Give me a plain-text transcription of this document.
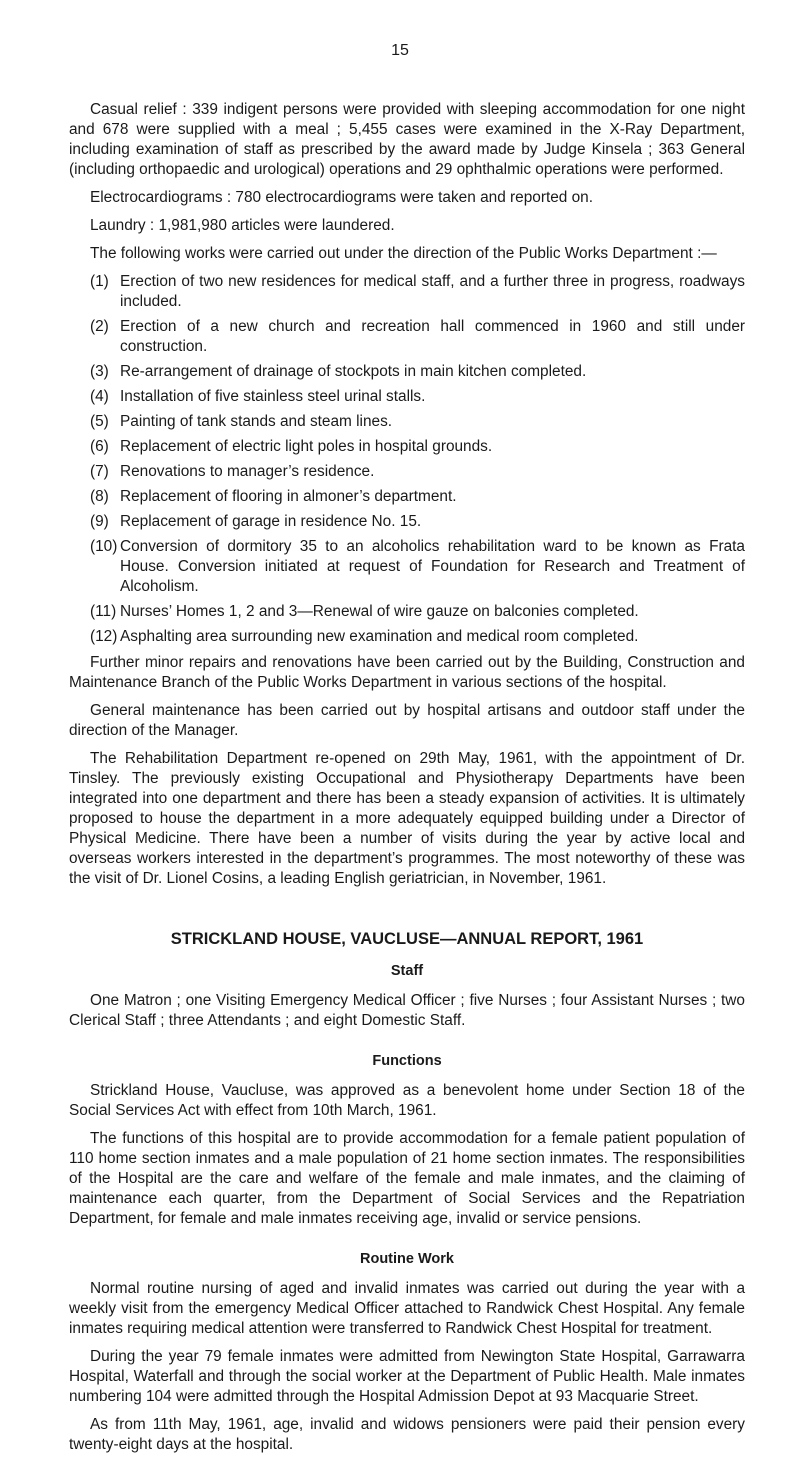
15

Casual relief : 339 indigent persons were provided with sleeping accommodation for one night and 678 were supplied with a meal ; 5,455 cases were examined in the X-Ray Department, including examination of staff as prescribed by the award made by Judge Kinsela ; 363 General (including orthopaedic and urological) operations and 29 ophthalmic operations were performed.

Electrocardiograms : 780 electrocardiograms were taken and reported on.

Laundry : 1,981,980 articles were laundered.

The following works were carried out under the direction of the Public Works Department :—

(1) Erection of two new residences for medical staff, and a further three in progress, roadways included.
(2) Erection of a new church and recreation hall commenced in 1960 and still under construction.
(3) Re-arrangement of drainage of stockpots in main kitchen completed.
(4) Installation of five stainless steel urinal stalls.
(5) Painting of tank stands and steam lines.
(6) Replacement of electric light poles in hospital grounds.
(7) Renovations to manager’s residence.
(8) Replacement of flooring in almoner’s department.
(9) Replacement of garage in residence No. 15.
(10) Conversion of dormitory 35 to an alcoholics rehabilitation ward to be known as Frata House. Conversion initiated at request of Foundation for Research and Treatment of Alcoholism.
(11) Nurses’ Homes 1, 2 and 3—Renewal of wire gauze on balconies completed.
(12) Asphalting area surrounding new examination and medical room completed.

Further minor repairs and renovations have been carried out by the Building, Construction and Maintenance Branch of the Public Works Department in various sections of the hospital.

General maintenance has been carried out by hospital artisans and outdoor staff under the direction of the Manager.

The Rehabilitation Department re-opened on 29th May, 1961, with the appointment of Dr. Tinsley. The previously existing Occupational and Physiotherapy Departments have been integrated into one department and there has been a steady expansion of activities. It is ultimately proposed to house the department in a more adequately equipped building under a Director of Physical Medicine. There have been a number of visits during the year by active local and overseas workers interested in the department’s programmes. The most noteworthy of these was the visit of Dr. Lionel Cosins, a leading English geriatrician, in November, 1961.

STRICKLAND HOUSE, VAUCLUSE—ANNUAL REPORT, 1961
Staff

One Matron ; one Visiting Emergency Medical Officer ; five Nurses ; four Assistant Nurses ; two Clerical Staff ; three Attendants ; and eight Domestic Staff.

Functions

Strickland House, Vaucluse, was approved as a benevolent home under Section 18 of the Social Services Act with effect from 10th March, 1961.

The functions of this hospital are to provide accommodation for a female patient population of 110 home section inmates and a male population of 21 home section inmates. The responsibilities of the Hospital are the care and welfare of the female and male inmates, and the claiming of maintenance each quarter, from the Department of Social Services and the Repatriation Department, for female and male inmates receiving age, invalid or service pensions.

Routine Work

Normal routine nursing of aged and invalid inmates was carried out during the year with a weekly visit from the emergency Medical Officer attached to Randwick Chest Hospital. Any female inmates requiring medical attention were transferred to Randwick Chest Hospital for treatment.

During the year 79 female inmates were admitted from Newington State Hospital, Garrawarra Hospital, Waterfall and through the social worker at the Department of Public Health. Male inmates numbering 104 were admitted through the Hospital Admission Depot at 93 Macquarie Street.

As from 11th May, 1961, age, invalid and widows pensioners were paid their pension every twenty-eight days at the hospital.
